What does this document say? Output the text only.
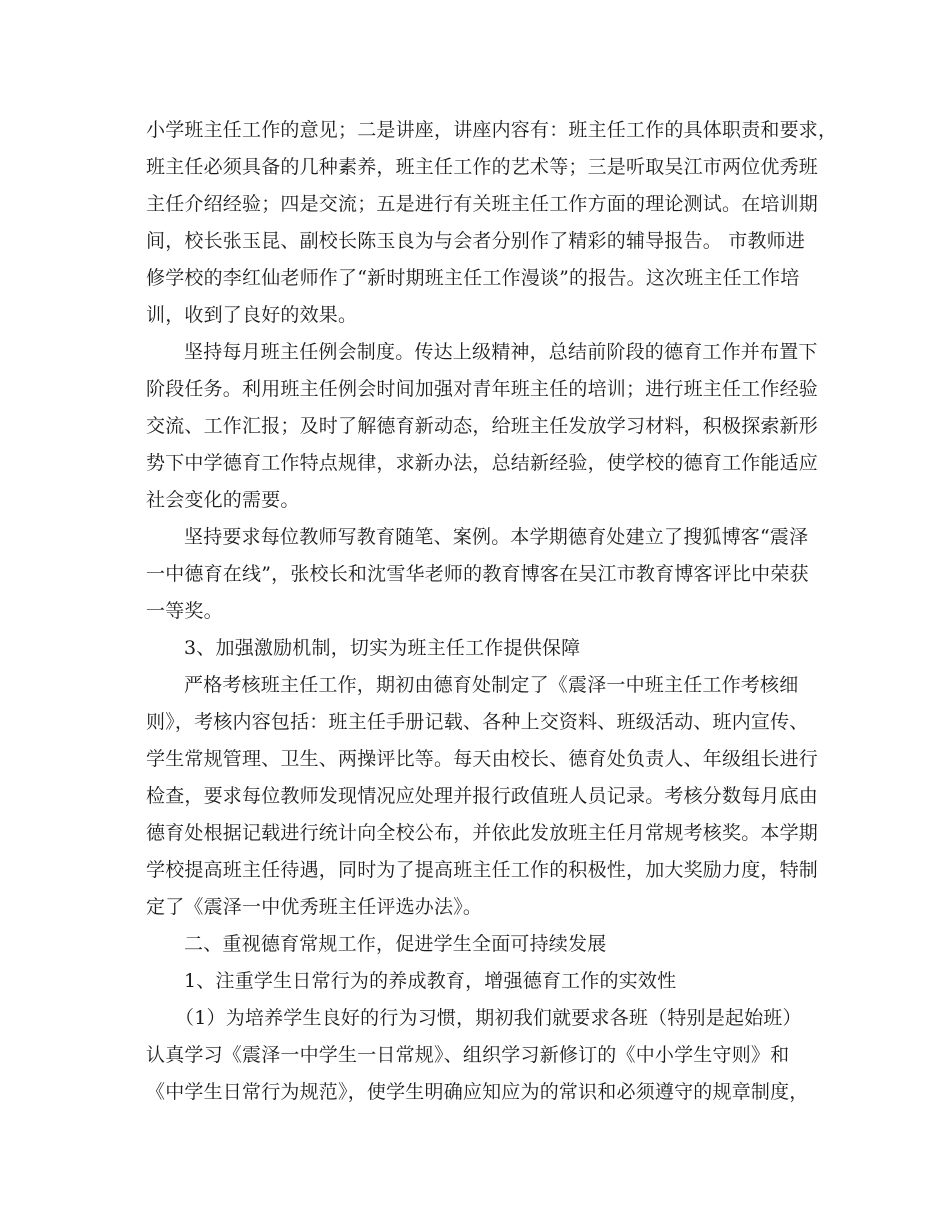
小学班主任工作的意见；二是讲座，讲座内容有：班主任工作的具体职责和要求，
班主任必须具备的几种素养，班主任工作的艺术等；三是听取吴江市两位优秀班
主任介绍经验；四是交流；五是进行有关班主任工作方面的理论测试。在培训期
间，校长张玉昆、副校长陈玉良为与会者分别作了精彩的辅导报告。 市教师进
修学校的李红仙老师作了“新时期班主任工作漫谈”的报告。这次班主任工作培
训，收到了良好的效果。
坚持每月班主任例会制度。传达上级精神，总结前阶段的德育工作并布置下
阶段任务。利用班主任例会时间加强对青年班主任的培训；进行班主任工作经验
交流、工作汇报；及时了解德育新动态，给班主任发放学习材料，积极探索新形
势下中学德育工作特点规律，求新办法，总结新经验，使学校的德育工作能适应
社会变化的需要。
坚持要求每位教师写教育随笔、案例。本学期德育处建立了搜狐博客“震泽
一中德育在线”，张校长和沈雪华老师的教育博客在吴江市教育博客评比中荣获
一等奖。
3、加强激励机制，切实为班主任工作提供保障
严格考核班主任工作，期初由德育处制定了《震泽一中班主任工作考核细
则》，考核内容包括：班主任手册记载、各种上交资料、班级活动、班内宣传、
学生常规管理、卫生、两操评比等。每天由校长、德育处负责人、年级组长进行
检查，要求每位教师发现情况应处理并报行政值班人员记录。考核分数每月底由
德育处根据记载进行统计向全校公布，并依此发放班主任月常规考核奖。本学期
学校提高班主任待遇，同时为了提高班主任工作的积极性，加大奖励力度，特制
定了《震泽一中优秀班主任评选办法》。
二、重视德育常规工作，促进学生全面可持续发展
1、注重学生日常行为的养成教育，增强德育工作的实效性
（1）为培养学生良好的行为习惯，期初我们就要求各班（特别是起始班）
认真学习《震泽一中学生一日常规》、组织学习新修订的《中小学生守则》和
《中学生日常行为规范》，使学生明确应知应为的常识和必须遵守的规章制度，
